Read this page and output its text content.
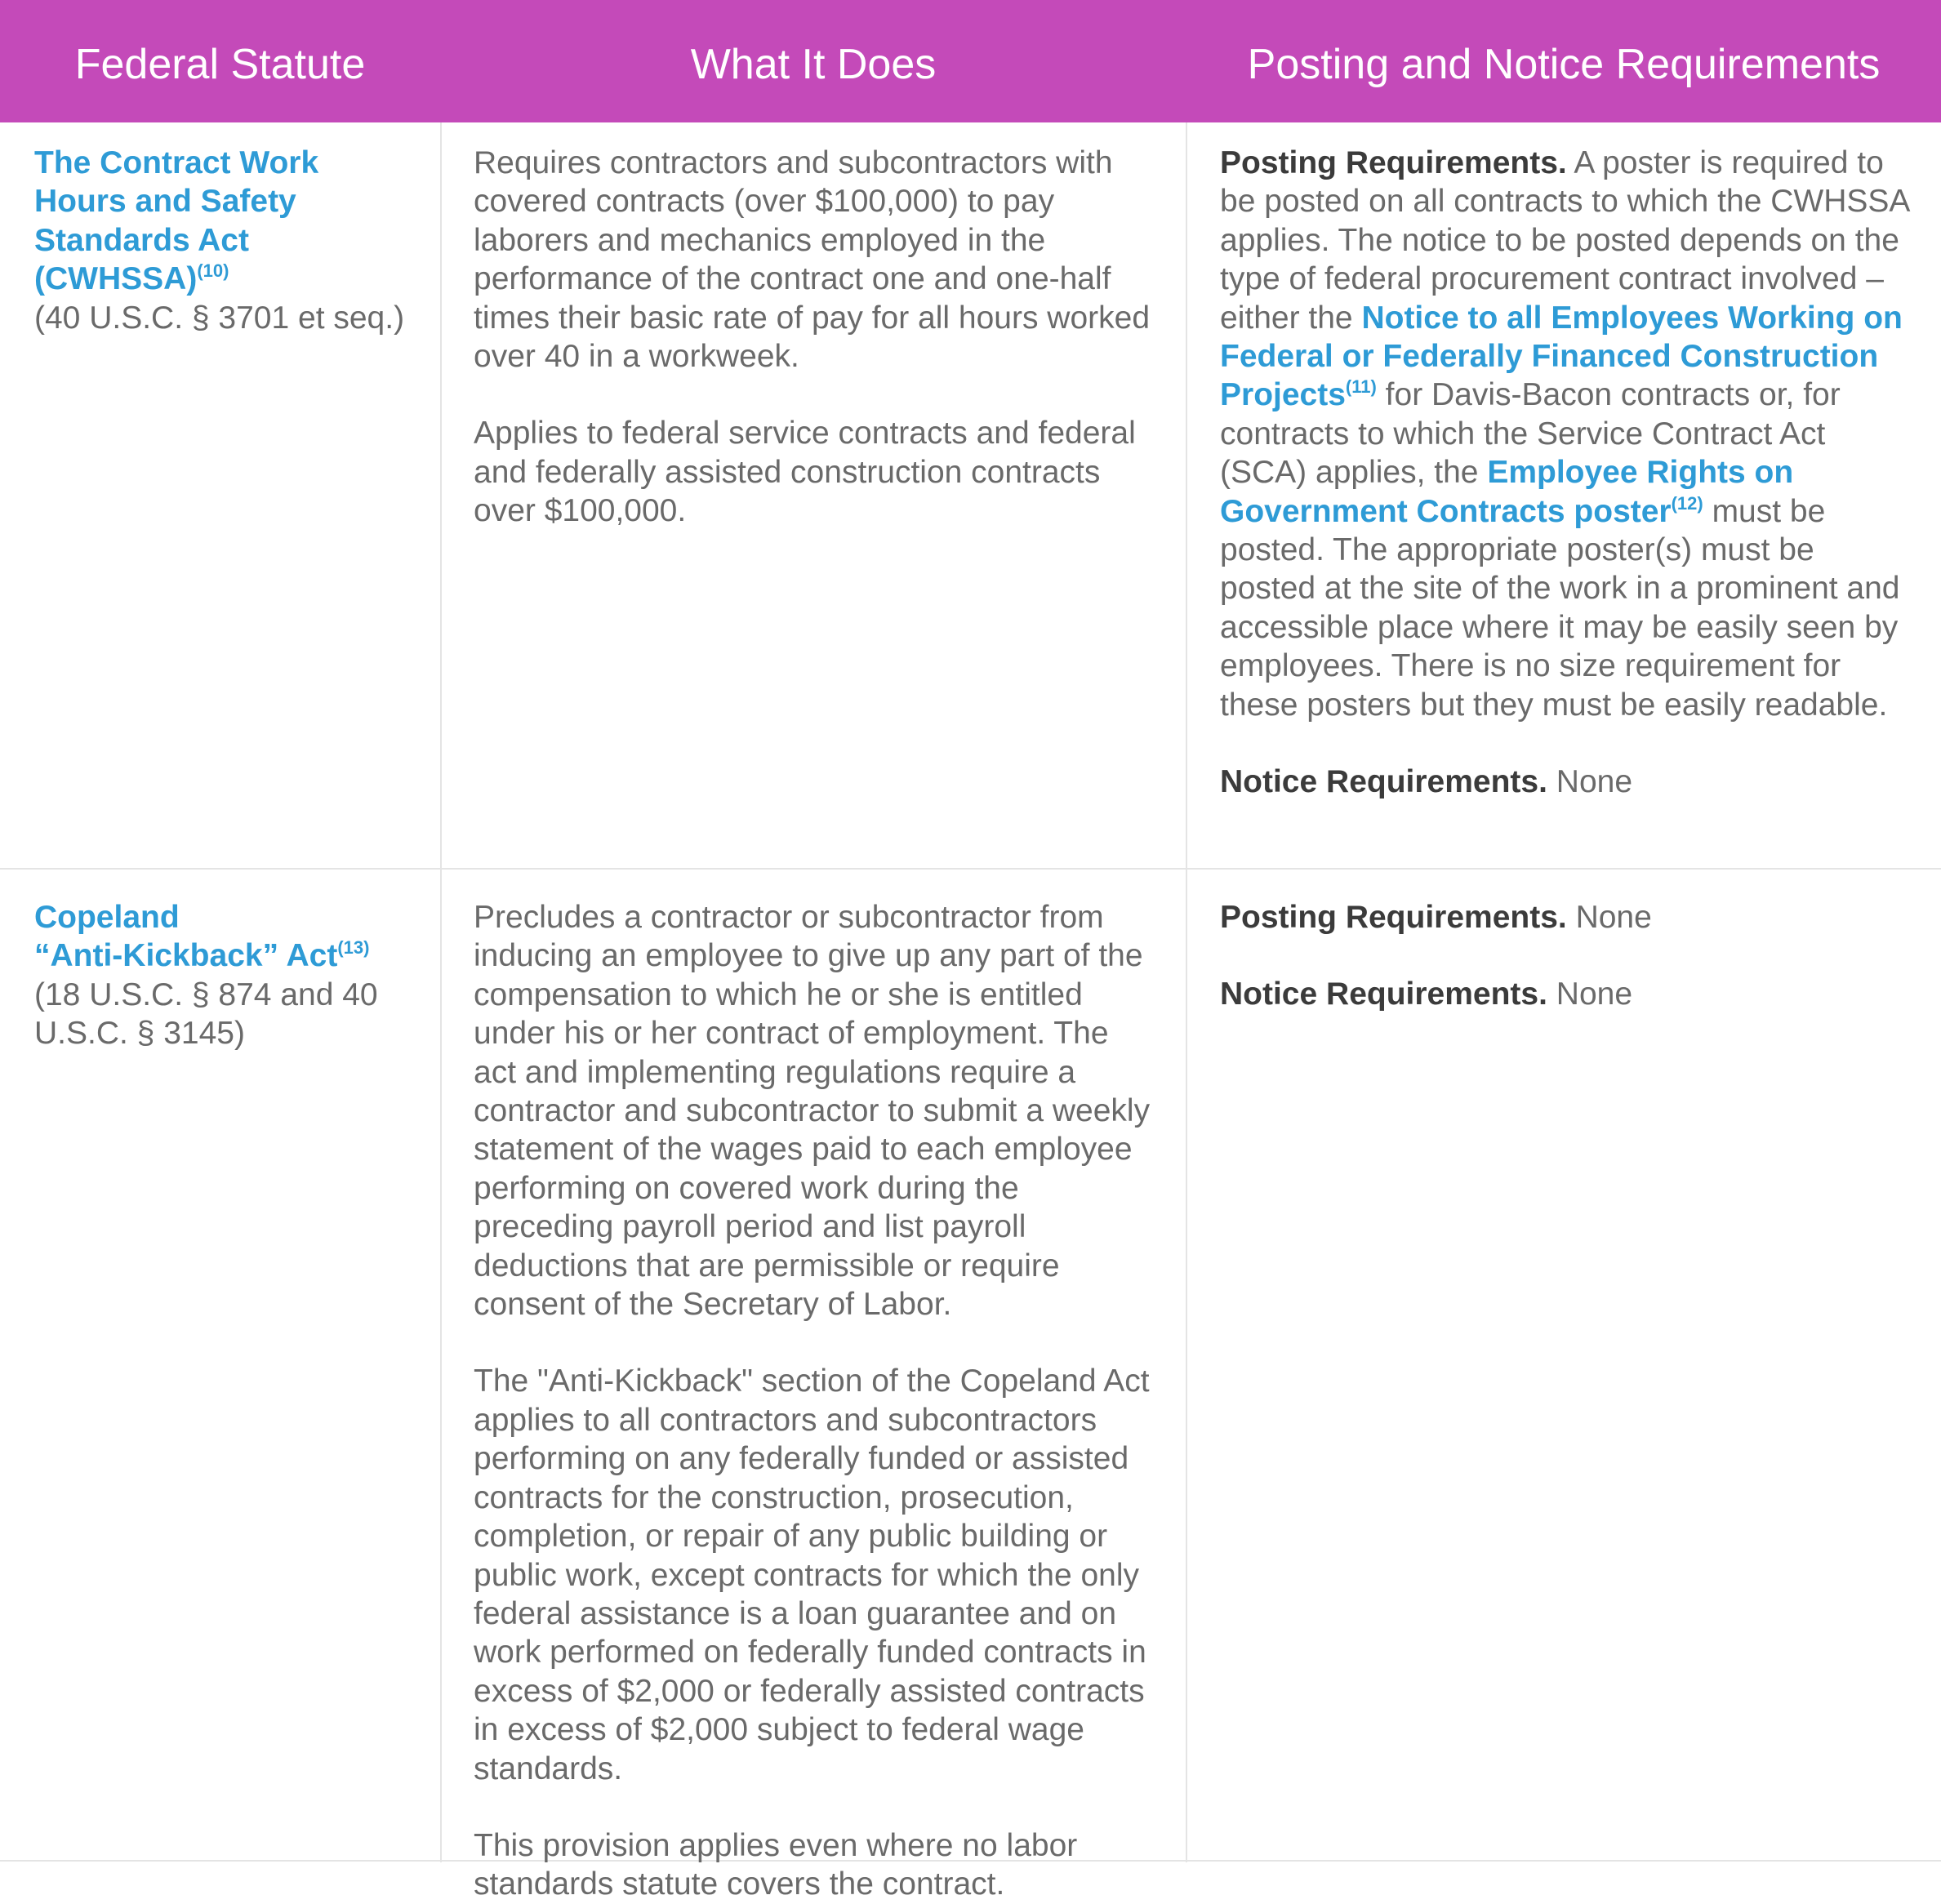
Federal Statute	What It Does	Posting and Notice Requirements
The Contract Work
Hours and Safety
Standards Act
(CWHSSA)$^{(10)}$
(40 U.S.C. § 3701 et seq.)

Requires contractors and subcontractors with covered contracts (over $100,000) to pay laborers and mechanics employed in the performance of the contract one and one-half times their basic rate of pay for all hours worked over 40 in a workweek.

Applies to federal service contracts and federal and federally assisted construction contracts over $100,000.

Posting Requirements. A poster is required to be posted on all contracts to which the CWHSSA applies. The notice to be posted depends on the type of federal procurement contract involved – either the Notice to all Employees Working on Federal or Federally Financed Construction Projects$^{(11)}$ for Davis-Bacon contracts or, for contracts to which the Service Contract Act (SCA) applies, the Employee Rights on Government Contracts poster$^{(12)}$ must be posted. The appropriate poster(s) must be posted at the site of the work in a prominent and accessible place where it may be easily seen by employees. There is no size requirement for these posters but they must be easily readable.

Notice Requirements. None

Copeland
“Anti-Kickback” Act$^{(13)}$
(18 U.S.C. § 874 and 40 U.S.C. § 3145)

Precludes a contractor or subcontractor from inducing an employee to give up any part of the compensation to which he or she is entitled under his or her contract of employment. The act and implementing regulations require a contractor and subcontractor to submit a weekly statement of the wages paid to each employee performing on covered work during the preceding payroll period and list payroll deductions that are permissible or require consent of the Secretary of Labor.

The "Anti-Kickback" section of the Copeland Act applies to all contractors and subcontractors performing on any federally funded or assisted contracts for the construction, prosecution, completion, or repair of any public building or public work, except contracts for which the only federal assistance is a loan guarantee and on work performed on federally funded contracts in excess of $2,000 or federally assisted contracts in excess of $2,000 subject to federal wage standards.

This provision applies even where no labor standards statute covers the contract.

Posting Requirements. None

Notice Requirements. None
